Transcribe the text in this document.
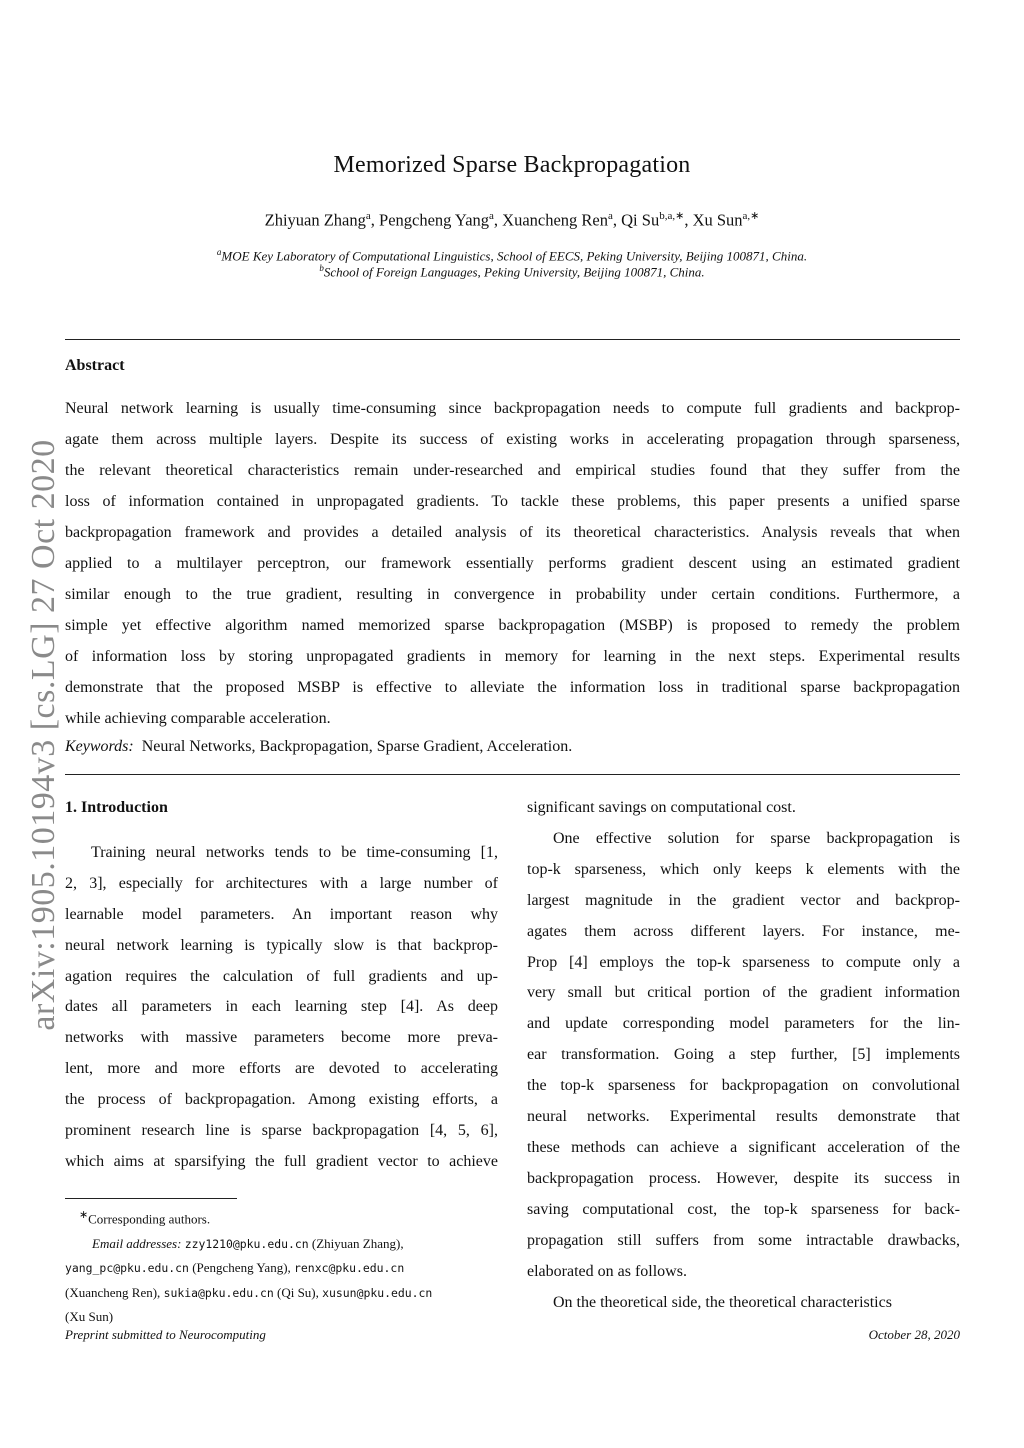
arXiv:1905.10194v3 [cs.LG] 27 Oct 2020
Memorized Sparse Backpropagation
Zhiyuan Zhang$^a$, Pengcheng Yang$^a$, Xuancheng Ren$^a$, Qi $Su^{b,a,∗}$, Xu Sun$^{a,∗}$
$^a$MOE Key Laboratory of Computational Linguistics, School of EECS, Peking University, Beijing 100871, China.
$^b$School of Foreign Languages, Peking University, Beijing 100871, China.
Abstract
Neural network learning is usually time-consuming since backpropagation needs to compute full gradients and backprop-
agate them across multiple layers. Despite its success of existing works in accelerating propagation through sparseness,
the relevant theoretical characteristics remain under-researched and empirical studies found that they suffer from the
loss of information contained in unpropagated gradients. To tackle these problems, this paper presents a unified sparse
backpropagation framework and provides a detailed analysis of its theoretical characteristics. Analysis reveals that when
applied to a multilayer perceptron, our framework essentially performs gradient descent using an estimated gradient
similar enough to the true gradient, resulting in convergence in probability under certain conditions. Furthermore, a
simple yet effective algorithm named memorized sparse backpropagation (MSBP) is proposed to remedy the problem
of information loss by storing unpropagated gradients in memory for learning in the next steps. Experimental results
demonstrate that the proposed MSBP is effective to alleviate the information loss in traditional sparse backpropagation
while achieving comparable acceleration.
Keywords: Neural Networks, Backpropagation, Sparse Gradient, Acceleration.
1. Introduction
Training neural networks tends to be time-consuming [1,
2, 3], especially for architectures with a large number of
learnable model parameters. An important reason why
neural network learning is typically slow is that backprop-
agation requires the calculation of full gradients and up-
dates all parameters in each learning step [4]. As deep
networks with massive parameters become more preva-
lent, more and more efforts are devoted to accelerating
the process of backpropagation. Among existing efforts, a
prominent research line is sparse backpropagation [4, 5, 6],
which aims at sparsifying the full gradient vector to achieve
significant savings on computational cost.
One effective solution for sparse backpropagation is
top-k sparseness, which only keeps k elements with the
largest magnitude in the gradient vector and backprop-
agates them across different layers. For instance, me-
Prop [4] employs the top-k sparseness to compute only a
very small but critical portion of the gradient information
and update corresponding model parameters for the lin-
ear transformation. Going a step further, [5] implements
the top-k sparseness for backpropagation on convolutional
neural networks. Experimental results demonstrate that
these methods can achieve a significant acceleration of the
backpropagation process. However, despite its success in
saving computational cost, the top-k sparseness for back-
propagation still suffers from some intractable drawbacks,
elaborated on as follows.
On the theoretical side, the theoretical characteristics
∗Corresponding authors.
Email addresses: zzy1210@pku.edu.cn (Zhiyuan Zhang),
yang_pc@pku.edu.cn (Pengcheng Yang), renxc@pku.edu.cn
(Xuancheng Ren), sukia@pku.edu.cn (Qi Su), xusun@pku.edu.cn
(Xu Sun)
Preprint submitted to Neurocomputing	October 28, 2020
